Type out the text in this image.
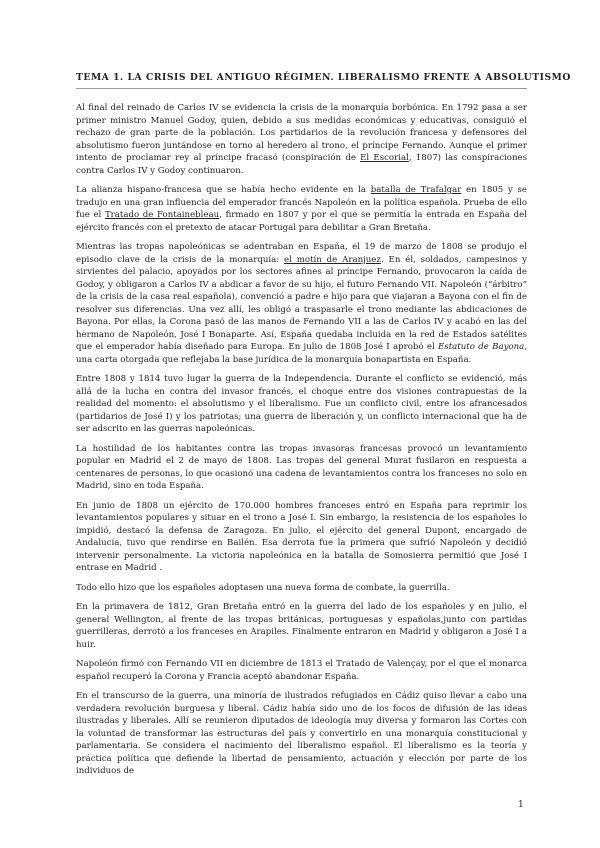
TEMA 1. LA CRISIS DEL ANTIGUO RÉGIMEN. LIBERALISMO FRENTE A ABSOLUTISMO

Al final del reinado de Carlos IV se evidencia la crisis de la monarquía borbónica. En 1792 pasa a ser primer ministro Manuel Godoy, quien, debido a sus medidas económicas y educativas, consiguió el rechazo de gran parte de la población. Los partidarios de la revolución francesa y defensores del absolutismo fueron juntándose en torno al heredero al trono, el príncipe Fernando. Aunque el primer intento de proclamar rey al príncipe fracasó (conspiración de El Escorial, 1807) las conspiraciones contra Carlos IV y Godoy continuaron.

La alianza hispano-francesa que se había hecho evidente en la batalla de Trafalgar en 1805 y se tradujo en una gran influencia del emperador francés Napoleón en la política española. Prueba de ello fue el Tratado de Fontainebleau, firmado en 1807 y por el que se permitía la entrada en España del ejército francés con el pretexto de atacar Portugal para debilitar a Gran Bretaña.

Mientras las tropas napoleónicas se adentraban en España, el 19 de marzo de 1808 se produjo el episodio clave de la crisis de la monarquía: el motín de Aranjuez. En él, soldados, campesinos y sirvientes del palacio, apoyados por los sectores afines al príncipe Fernando, provocaron la caída de Godoy, y obligaron a Carlos IV a abdicar a favor de su hijo, el futuro Fernando VII. Napoleón (“árbitro” de la crisis de la casa real española), convenció a padre e hijo para que viajaran a Bayona con el fin de resolver sus diferencias. Una vez allí, les obligó a traspasarle el trono mediante las abdicaciones de Bayona. Por ellas, la Corona pasó de las manos de Fernando VII a las de Carlos IV y acabó en las del hermano de Napoleón, José I Bonaparte. Así, España quedaba incluida en la red de Estados satélites que el emperador había diseñado para Europa. En julio de 1808 José I aprobó el Estatuto de Bayona, una carta otorgada que reflejaba la base jurídica de la monarquía bonapartista en España.

Entre 1808 y 1814 tuvo lugar la guerra de la Independencia. Durante el conflicto se evidenció, más allá de la lucha en contra del invasor francés, el choque entre dos visiones contrapuestas de la realidad del momento: el absolutismo y el liberalismo. Fue un conflicto civil, entre los afrancesados (partidarios de José I) y los patriotas; una guerra de liberación y, un conflicto internacional que ha de ser adscrito en las guerras napoleónicas.

La hostilidad de los habitantes contra las tropas invasoras francesas provocó un levantamiento popular en Madrid el 2 de mayo de 1808. Las tropas del general Murat fusilaron en respuesta a centenares de personas, lo que ocasionó una cadena de levantamientos contra los franceses no solo en Madrid, sino en toda España.

En junio de 1808 un ejército de 170.000 hombres franceses entró en España para reprimir los levantamientos populares y situar en el trono a José I. Sin embargo, la resistencia de los españoles lo impidió, destacó la defensa de Zaragoza. En julio, el ejército del general Dupont, encargado de Andalucía, tuvo que rendirse en Bailén. Esa derrota fue la primera que sufrió Napoleón y decidió intervenir personalmente. La victoria napoleónica en la batalla de Somosierra permitió que José I entrase en Madrid .

Todo ello hizo que los españoles adoptasen una nueva forma de combate, la guerrilla.

En la primavera de 1812, Gran Bretaña entró en la guerra del lado de los españoles y en julio, el general Wellington, al frente de las tropas británicas, portuguesas y españolas,junto con partidas guerrilleras, derrotó a los franceses en Arapiles. Finalmente entraron en Madrid y obligaron a José I a huir.

Napoleón firmó con Fernando VII en diciembre de 1813 el Tratado de Valençay, por el que el monarca español recuperó la Corona y Francia aceptó abandonar España.

En el transcurso de la guerra, una minoría de ilustrados refugiados en Cádiz quiso llevar a cabo una verdadera revolución burguesa y liberal. Cádiz había sido uno de los focos de difusión de las ideas ilustradas y liberales. Allí se reunieron diputados de ideología muy diversa y formaron las Cortes con la voluntad de transformar las estructuras del país y convertirlo en una monarquía constitucional y parlamentaria. Se considera el nacimiento del liberalismo español. El liberalismo es la teoría y práctica política que defiende la libertad de pensamiento, actuación y elección por parte de los individuos de

1
